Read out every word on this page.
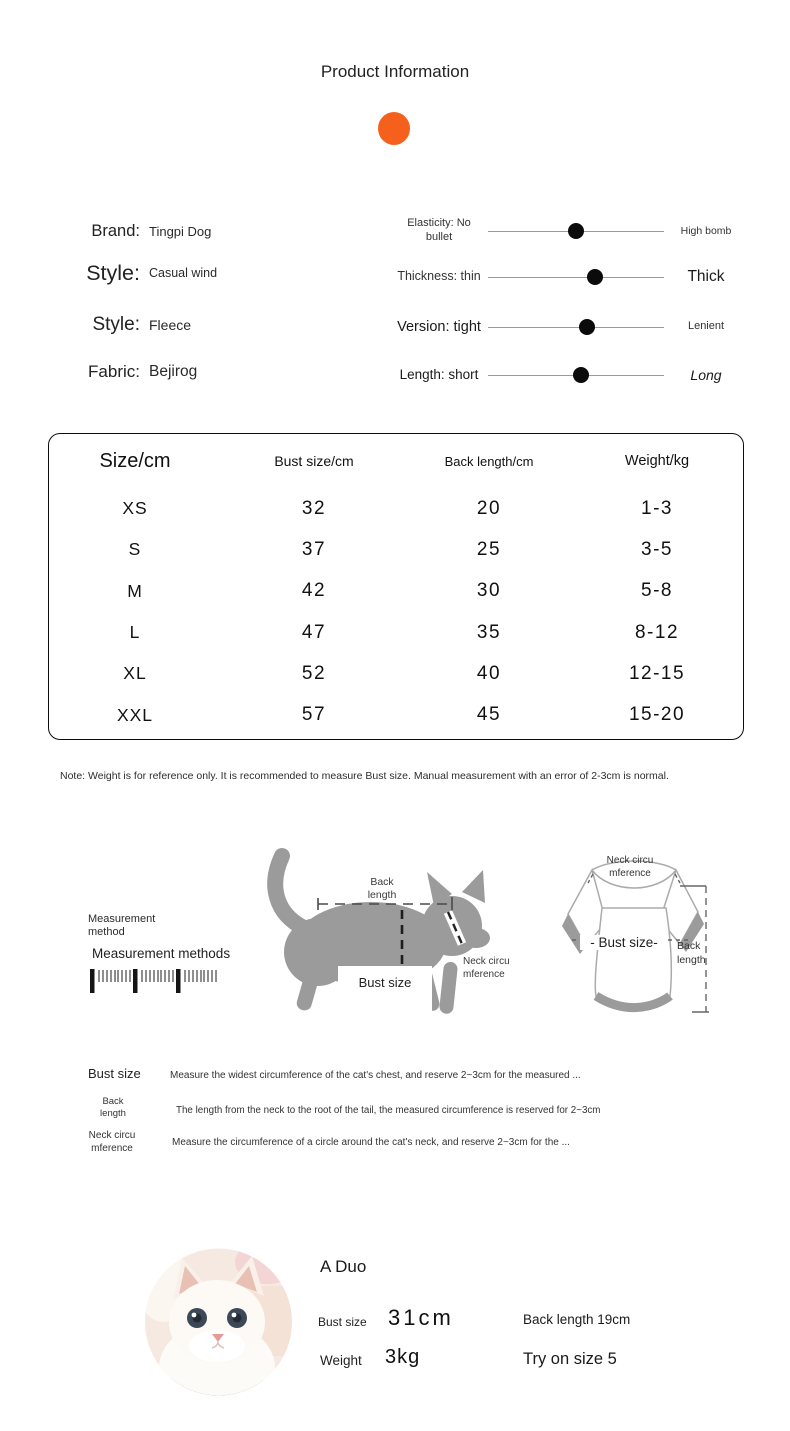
Product Information
Brand: Tingpi Dog
Style: Casual wind
Style: Fleece
Fabric: Bejirog
Elasticity: No bullet
High bomb
Thickness: thin	Thick
Version: tight	Lenient
Length: short	Long
Size/cm	Bust size/cm	Back length/cm	Weight/kg
XS	32	20	1-3
S	37	25	3-5
M	42	30	5-8
L	47	35	8-12
XL	52	40	12-15
XXL	57	45	15-20
Note: Weight is for reference only. It is recommended to measure Bust size. Manual measurement with an error of 2-3cm is normal.
Measurement method
Measurement methods
Back length
Bust size
Neck circu mference
Neck circu mference
- Bust size-	Back length
Bust size	Measure the widest circumference of the cat's chest, and reserve 2~3cm for the measured ...
Back length	The length from the neck to the root of the tail, the measured circumference is reserved for 2~3cm
Neck circu mference	Measure the circumference of a circle around the cat's neck, and reserve 2~3cm for the ...
A Duo
Bust size 31cm	Back length 19cm
Weight 3kg	Try on size 5
